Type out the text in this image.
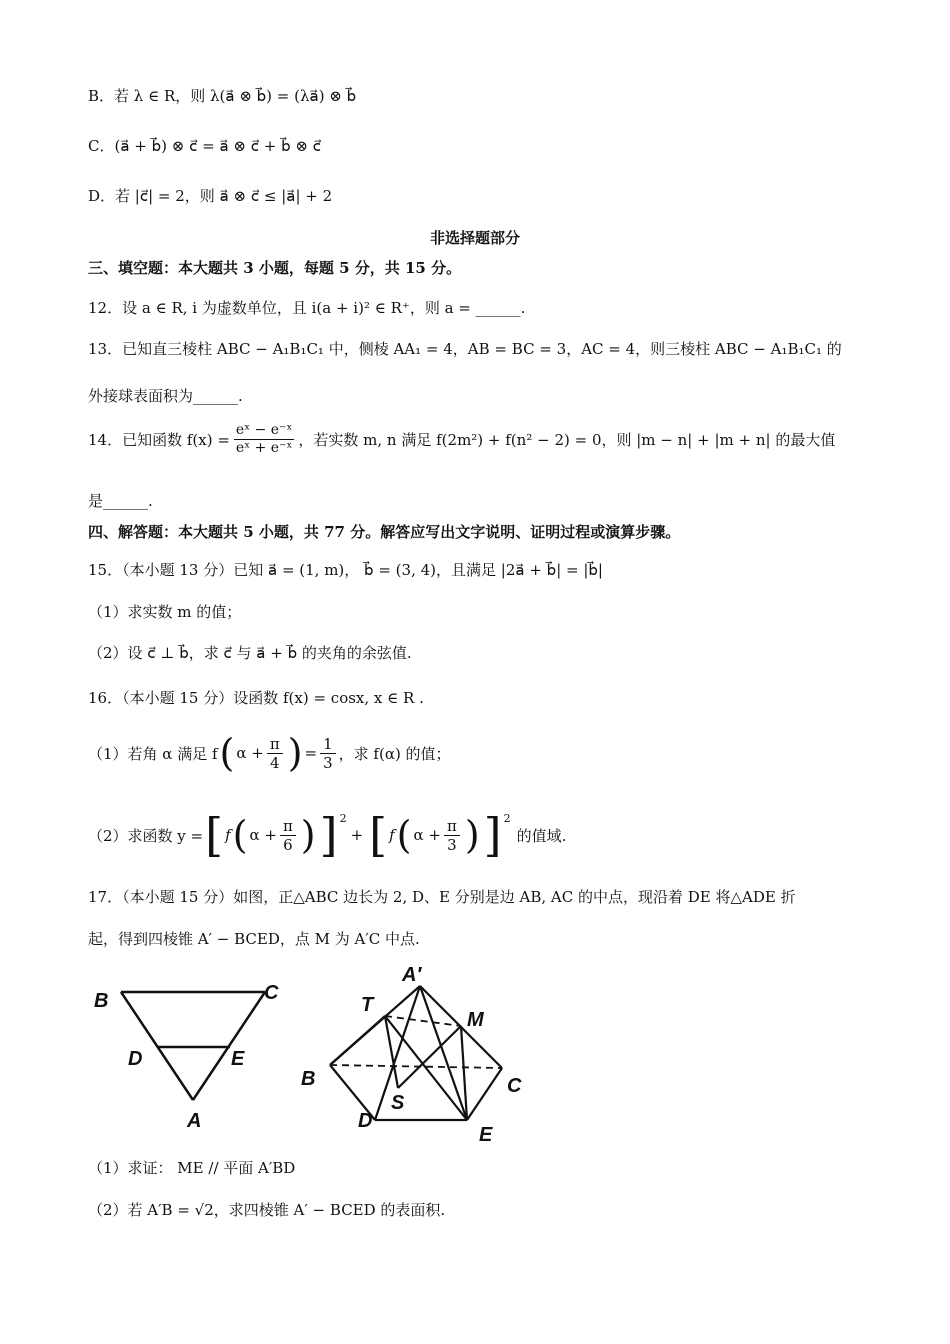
B．若 λ ∈ R，则 λ(a⃗ ⊗ b⃗) = (λa⃗) ⊗ b⃗
C．(a⃗ + b⃗) ⊗ c⃗ = a⃗ ⊗ c⃗ + b⃗ ⊗ c⃗
D．若 |c⃗| = 2，则 a⃗ ⊗ c⃗ ≤ |a⃗| + 2
非选择题部分
三、填空题：本大题共 3 小题，每题 5 分，共 15 分。
12．设 a ∈ R, i 为虚数单位，且 i(a + i)² ∈ R⁺，则 a = ______.
13．已知直三棱柱 ABC − A₁B₁C₁ 中，侧棱 AA₁ = 4，AB = BC = 3，AC = 4，则三棱柱 ABC − A₁B₁C₁ 的
外接球表面积为______.
14．已知函数 $f(x) = \frac{\text{eˣ − e⁻ˣ}}{\text{eˣ + e⁻ˣ}}$ ，若实数 m, n 满足 f(2m²) + f(n² − 2) = 0，则 |m − n| + |m + n| 的最大值
是______.
四、解答题：本大题共 5 小题，共 77 分。解答应写出文字说明、证明过程或演算步骤。
15．（本小题 13 分）已知 a⃗ = (1, m)， b⃗ = (3, 4)，且满足 |2a⃗ + b⃗| = |b⃗|
（1）求实数 m 的值；
（2）设 c⃗ ⊥ b⃗，求 c⃗ 与 a⃗ + b⃗ 的夹角的余弦值.
16．（本小题 15 分）设函数 f(x) = cosx, x ∈ R .
（1）若角 α 满足 f ( $\alpha + \frac{\pi}{4}$ ) = $\frac{1}{3}$ ，求 f(α) 的值；
（2）求函数 y = [ f ( $\alpha + \frac{\pi}{6}$ ) ] 2
+ [ f ( $\alpha + \frac{\pi}{3}$ ) ] 2
的值域.
17．（本小题 15 分）如图，正△ABC 边长为 2, D、E 分别是边 AB, AC 的中点，现沿着 DE 将△ADE 折
起，得到四棱锥 A′ − BCED，点 M 为 A′C 中点.
B	C
D	E
A
A′
T
M
B	C
S
D
E
（1）求证： ME // 平面 A′BD
（2）若 A′B = √2，求四棱锥 A′ − BCED 的表面积.
